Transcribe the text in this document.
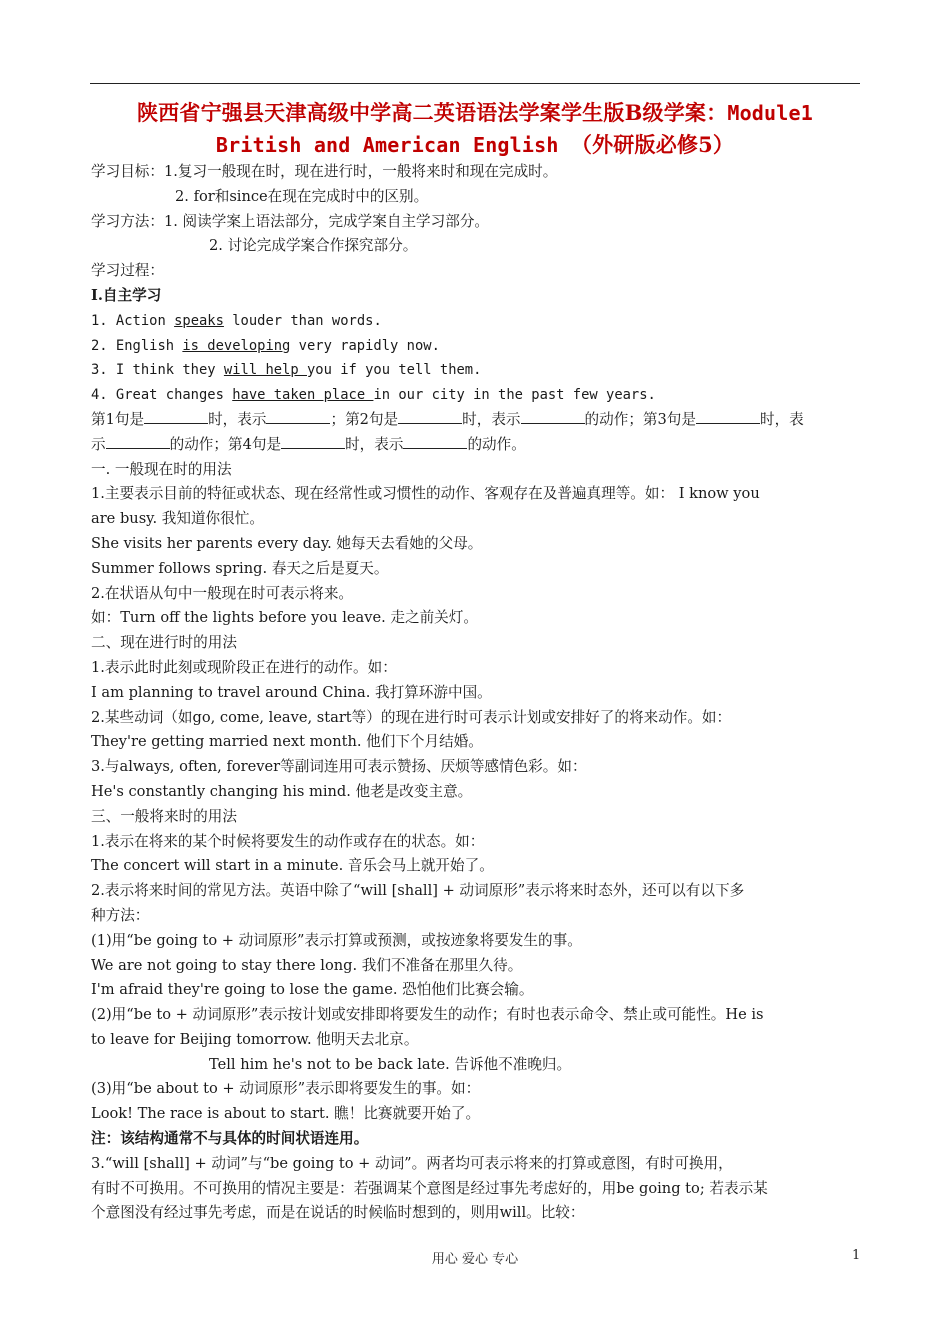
陕西省宁强县天津高级中学高二英语语法学案学生版B级学案：Module1
British and American English （外研版必修5）
学习目标：1.复习一般现在时，现在进行时，一般将来时和现在完成时。
2. for和since在现在完成时中的区别。
学习方法：1. 阅读学案上语法部分，完成学案自主学习部分。
2. 讨论完成学案合作探究部分。
学习过程：
Ⅰ.自主学习
1. Action speaks louder than words.
2. English is developing very rapidly now.
3. I think they will help you if you tell them.
4. Great changes have taken place in our city in the past few years.
第1句是	时，表示	；第2句是	时，表示	的动作；第3句是	时，表
示	的动作；第4句是	时，表示	的动作。
一. 一般现在时的用法
1.主要表示目前的特征或状态、现在经常性或习惯性的动作、客观存在及普遍真理等。如： I know you
are busy. 我知道你很忙。
She visits her parents every day. 她每天去看她的父母。
Summer follows spring. 春天之后是夏天。
2.在状语从句中一般现在时可表示将来。
如：Turn off the lights before you leave. 走之前关灯。
二、现在进行时的用法
1.表示此时此刻或现阶段正在进行的动作。如：
I am planning to travel around China. 我打算环游中国。
2.某些动词（如go, come, leave, start等）的现在进行时可表示计划或安排好了的将来动作。如：
They're getting married next month. 他们下个月结婚。
3.与always, often, forever等副词连用可表示赞扬、厌烦等感情色彩。如：
He's constantly changing his mind. 他老是改变主意。
三、一般将来时的用法
1.表示在将来的某个时候将要发生的动作或存在的状态。如：
The concert will start in a minute. 音乐会马上就开始了。
2.表示将来时间的常见方法。英语中除了“will [shall] + 动词原形”表示将来时态外，还可以有以下多
种方法：
(1)用“be going to + 动词原形”表示打算或预测，或按迹象将要发生的事。
We are not going to stay there long. 我们不准备在那里久待。
I'm afraid they're going to lose the game. 恐怕他们比赛会输。
(2)用“be to + 动词原形”表示按计划或安排即将要发生的动作；有时也表示命令、禁止或可能性。He is
to leave for Beijing tomorrow. 他明天去北京。
Tell him he's not to be back late. 告诉他不准晚归。
(3)用“be about to + 动词原形”表示即将要发生的事。如：
Look! The race is about to start. 瞧！比赛就要开始了。
注：该结构通常不与具体的时间状语连用。
3.“will [shall] + 动词”与“be going to + 动词”。两者均可表示将来的打算或意图，有时可换用，
有时不可换用。不可换用的情况主要是：若强调某个意图是经过事先考虑好的，用be going to; 若表示某
个意图没有经过事先考虑，而是在说话的时候临时想到的，则用will。比较：
用心 爱心 专心	1
